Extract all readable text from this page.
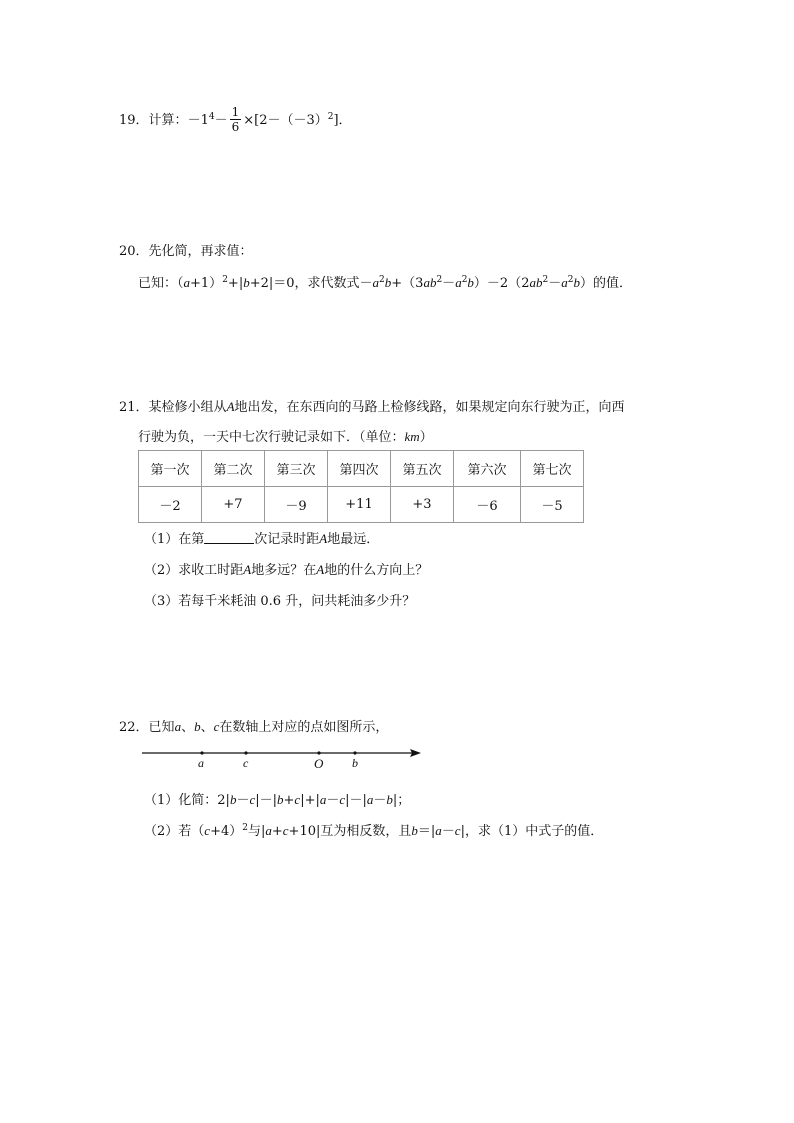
19．计算：$-1^4- \frac{1}{6} \times[2-(-3)^2]$．
20．先化简，再求值：
已知：$(a+1)^2+|b+2|=0$，求代数式$-a^2b+(3ab^2-a^2b)-2(2ab^2-a^2b)$的值．
21．某检修小组从A地出发，在东西向的马路上检修线路，如果规定向东行驶为正，向西
行驶为负，一天中七次行驶记录如下．（单位：km）
第一次	第二次	第三次	第四次	第五次	第六次	第七次
－2	+7	－9	+11	+3	－6	－5
（1）在第	次记录时距A地最远．
（2）求收工时距A地多远？在A地的什么方向上？
（3）若每千米耗油 0.6 升，问共耗油多少升？
22．已知a、b、c在数轴上对应的点如图所示，
a	c	O b
（1）化简：2|b－c|－|b+c|+|a－c|－|a－b|；
（2）若$(c+4)^2$与|a+c+10|互为相反数，且b＝|a－c|，求（1）中式子的值．
